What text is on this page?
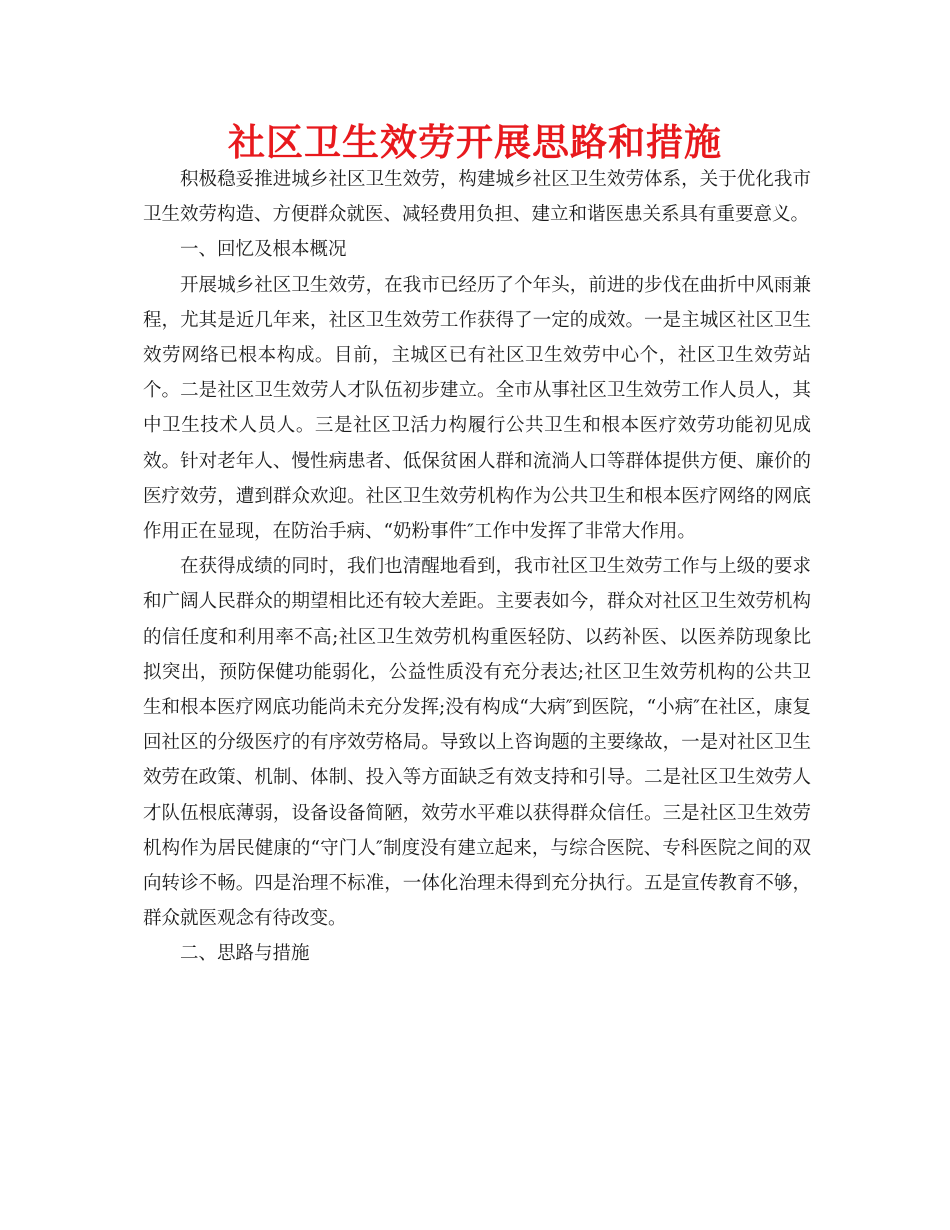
社区卫生效劳开展思路和措施

积极稳妥推进城乡社区卫生效劳，构建城乡社区卫生效劳体系，关于优化我市卫生效劳构造、方便群众就医、减轻费用负担、建立和谐医患关系具有重要意义。

一、回忆及根本概况

开展城乡社区卫生效劳，在我市已经历了个年头，前进的步伐在曲折中风雨兼程，尤其是近几年来，社区卫生效劳工作获得了一定的成效。一是主城区社区卫生效劳网络已根本构成。目前，主城区已有社区卫生效劳中心个，社区卫生效劳站个。二是社区卫生效劳人才队伍初步建立。全市从事社区卫生效劳工作人员人，其中卫生技术人员人。三是社区卫活力构履行公共卫生和根本医疗效劳功能初见成效。针对老年人、慢性病患者、低保贫困人群和流淌人口等群体提供方便、廉价的医疗效劳，遭到群众欢迎。社区卫生效劳机构作为公共卫生和根本医疗网络的网底作用正在显现，在防治手病、“奶粉事件″工作中发挥了非常大作用。

在获得成绩的同时，我们也清醒地看到，我市社区卫生效劳工作与上级的要求和广阔人民群众的期望相比还有较大差距。主要表如今，群众对社区卫生效劳机构的信任度和利用率不高;社区卫生效劳机构重医轻防、以药补医、以医养防现象比拟突出，预防保健功能弱化，公益性质没有充分表达;社区卫生效劳机构的公共卫生和根本医疗网底功能尚未充分发挥;没有构成“大病″到医院，“小病″在社区，康复回社区的分级医疗的有序效劳格局。导致以上咨询题的主要缘故，一是对社区卫生效劳在政策、机制、体制、投入等方面缺乏有效支持和引导。二是社区卫生效劳人才队伍根底薄弱，设备设备简陋，效劳水平难以获得群众信任。三是社区卫生效劳机构作为居民健康的“守门人″制度没有建立起来，与综合医院、专科医院之间的双向转诊不畅。四是治理不标准，一体化治理未得到充分执行。五是宣传教育不够，群众就医观念有待改变。

二、思路与措施
